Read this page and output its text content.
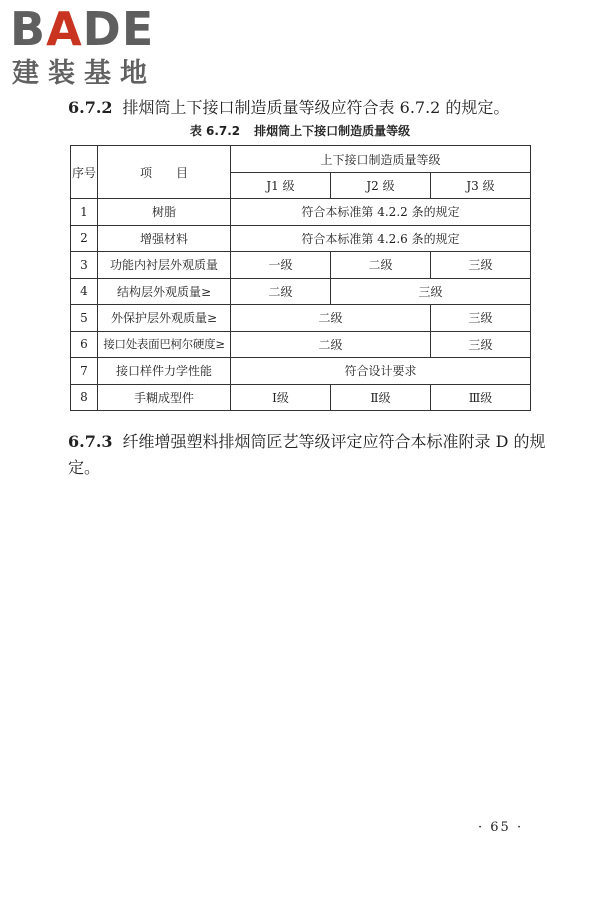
BADE
建装基地
6.7.2 排烟筒上下接口制造质量等级应符合表 6.7.2 的规定。
表 6.7.2 排烟筒上下接口制造质量等级
序号	项　　目	上下接口制造质量等级		
		J1 级	J2 级	J3 级
1	树脂	符合本标准第 4.2.2 条的规定		
2	增强材料	符合本标准第 4.2.6 条的规定		
3	功能内衬层外观质量	一级	二级	三级
4	结构层外观质量≥	二级	三级	
5	外保护层外观质量≥	二级		三级
6	接口处表面巴柯尔硬度≥	二级		三级
7	接口样件力学性能	符合设计要求		
8	手糊成型件	Ⅰ级	Ⅱ级	Ⅲ级
6.7.3 纤维增强塑料排烟筒匠艺等级评定应符合本标准附录 D 的规定。
· 65 ·
